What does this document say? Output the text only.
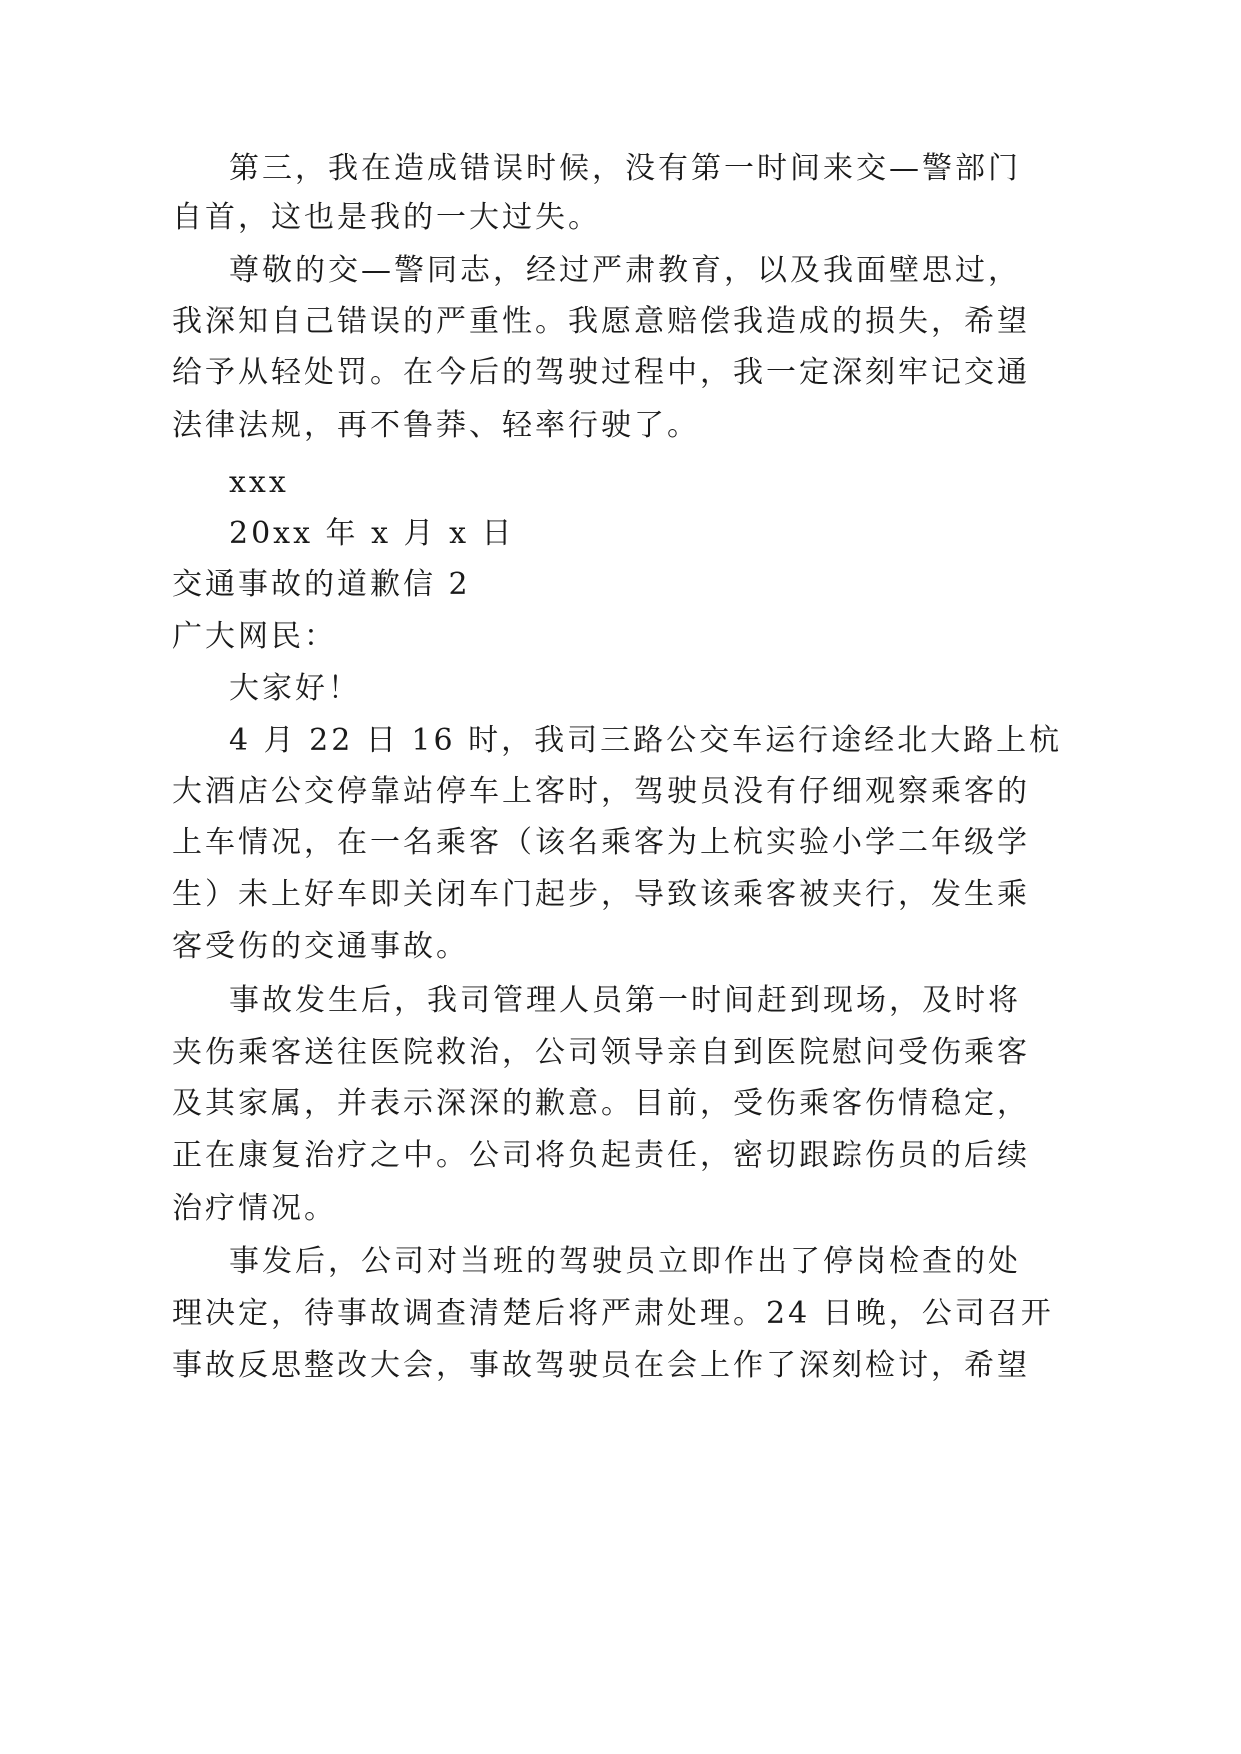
第三，我在造成错误时候，没有第一时间来交—警部门

自首，这也是我的一大过失。

尊敬的交—警同志，经过严肃教育，以及我面壁思过，

我深知自己错误的严重性。我愿意赔偿我造成的损失，希望

给予从轻处罚。在今后的驾驶过程中，我一定深刻牢记交通

法律法规，再不鲁莽、轻率行驶了。

xxx

20xx 年 x 月 x 日

交通事故的道歉信 2

广大网民：

大家好！

4 月 22 日 16 时，我司三路公交车运行途经北大路上杭

大酒店公交停靠站停车上客时，驾驶员没有仔细观察乘客的

上车情况，在一名乘客（该名乘客为上杭实验小学二年级学

生）未上好车即关闭车门起步，导致该乘客被夹行，发生乘

客受伤的交通事故。

事故发生后，我司管理人员第一时间赶到现场，及时将

夹伤乘客送往医院救治，公司领导亲自到医院慰问受伤乘客

及其家属，并表示深深的歉意。目前，受伤乘客伤情稳定，

正在康复治疗之中。公司将负起责任，密切跟踪伤员的后续

治疗情况。

事发后，公司对当班的驾驶员立即作出了停岗检查的处

理决定，待事故调查清楚后将严肃处理。24 日晚，公司召开

事故反思整改大会，事故驾驶员在会上作了深刻检讨，希望
